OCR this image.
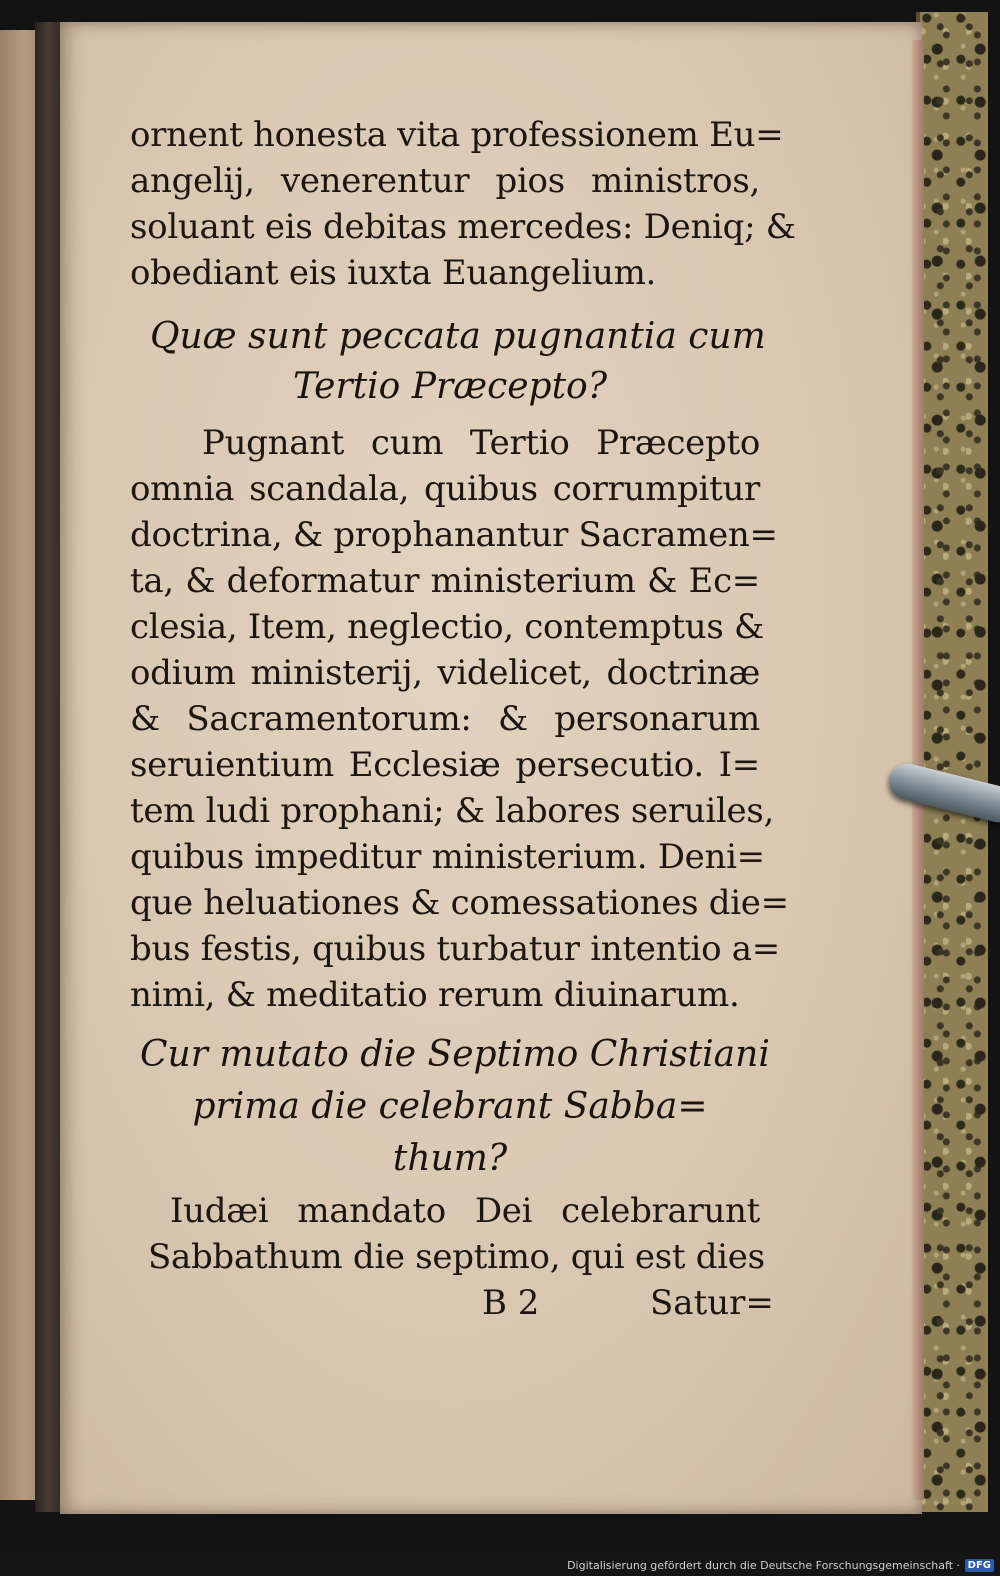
ornent honesta vita professionem Eu=
angelij, venerentur pios ministros,
soluant eis debitas mercedes: Deniq; &
obediant eis iuxta Euangelium.
Quæ sunt peccata pugnantia cum
Tertio Præcepto?
Pugnant cum Tertio Præcepto
omnia scandala, quibus corrumpitur
doctrina, & prophanantur Sacramen=
ta, & deformatur ministerium & Ec=
clesia, Item, neglectio, contemptus &
odium ministerij, videlicet, doctrinæ
& Sacramentorum: & personarum
seruientium Ecclesiæ persecutio. I=
tem ludi prophani; & labores seruiles,
quibus impeditur ministerium. Deni=
que heluationes & comessationes die=
bus festis, quibus turbatur intentio a=
nimi, & meditatio rerum diuinarum.
Cur mutato die Septimo Christiani
prima die celebrant Sabba=
thum?
Iudæi mandato Dei celebrarunt
Sabbathum die septimo, qui est dies
B 2	Satur=
Digitalisierung gefördert durch die Deutsche Forschungsgemeinschaft · DFG
